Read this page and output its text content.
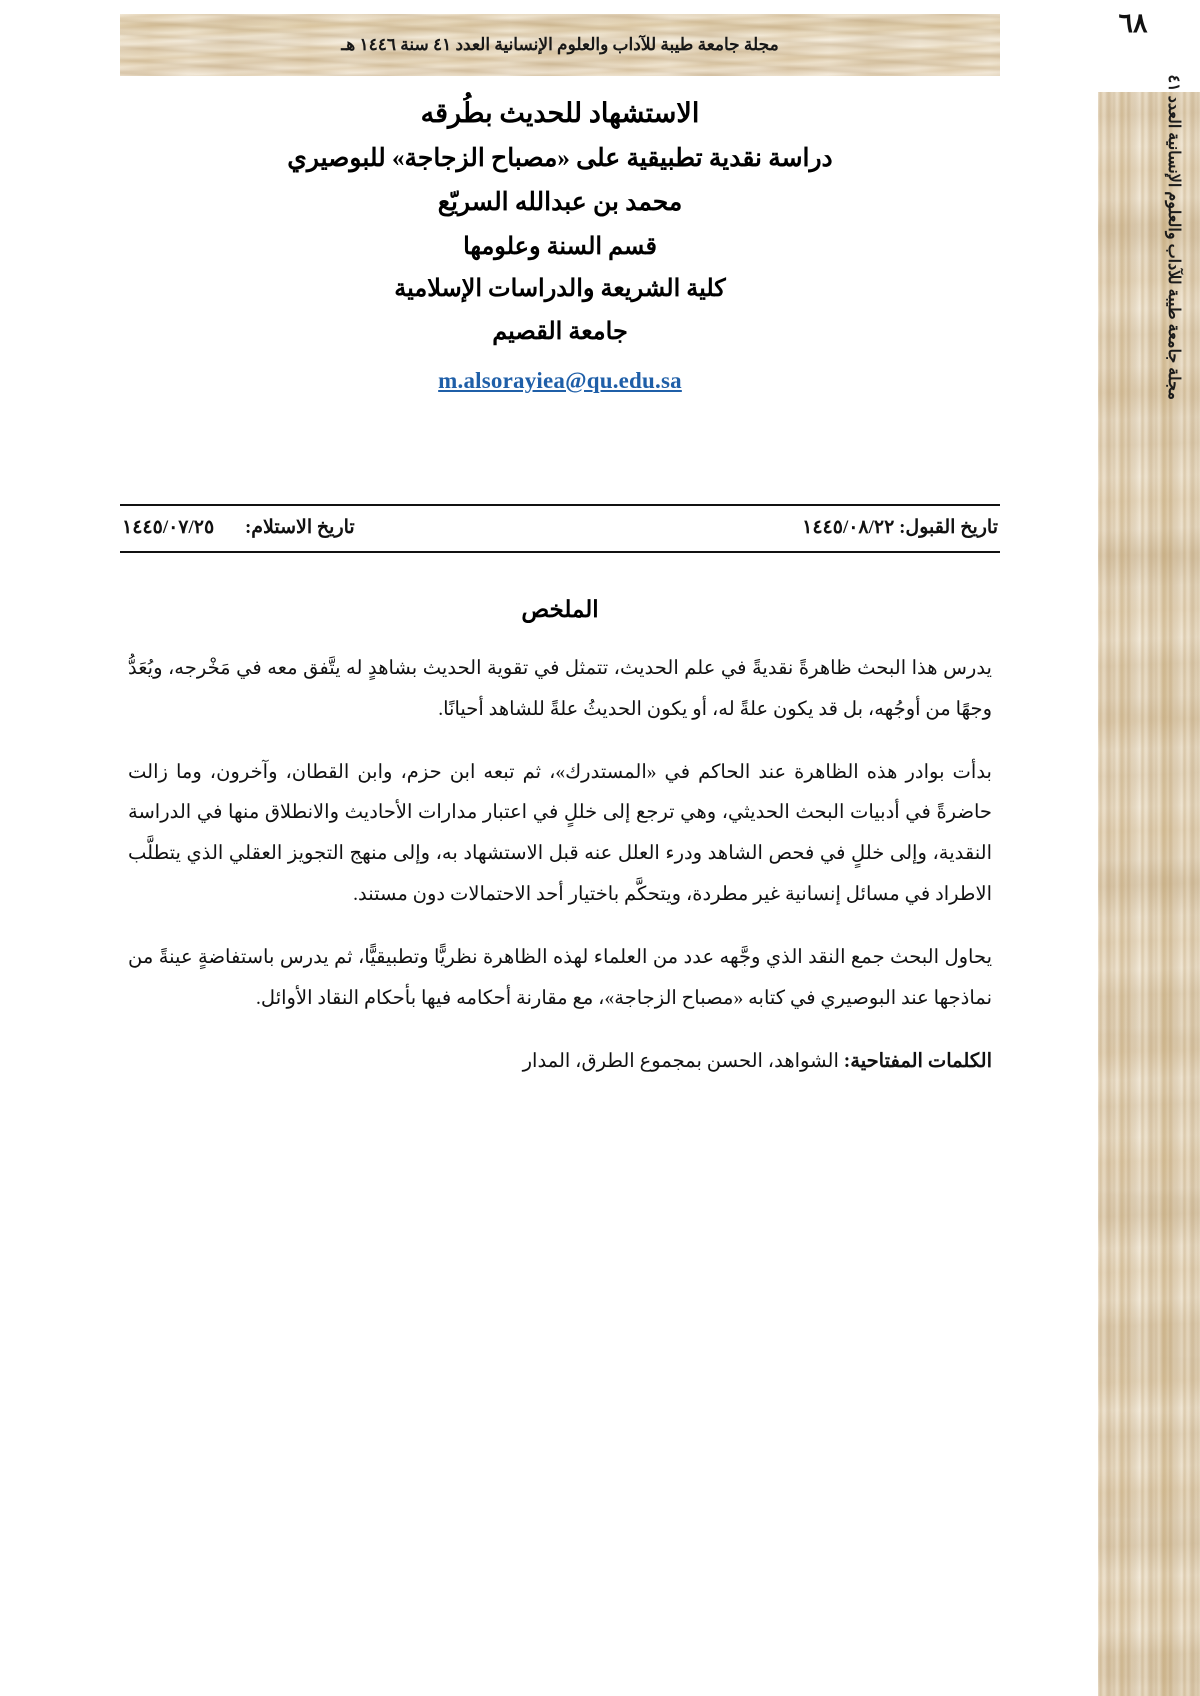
٦٨
مجلة جامعة طيبة للآداب والعلوم الإنسانية العدد ٤١
مجلة جامعة طيبة للآداب والعلوم الإنسانية العدد ٤١ سنة ١٤٤٦ هـ
الاستشهاد للحديث بطُرقه
دراسة نقدية تطبيقية على «مصباح الزجاجة» للبوصيري
محمد بن عبدالله السريّع
قسم السنة وعلومها
كلية الشريعة والدراسات الإسلامية
جامعة القصيم
m.alsorayiea@qu.edu.sa
تاريخ الاستلام: ١٤٤٥/٠٧/٢٥	تاريخ القبول: ١٤٤٥/٠٨/٢٢
الملخص

يدرس هذا البحث ظاهرةً نقديةً في علم الحديث، تتمثل في تقوية الحديث بشاهدٍ له يتَّفق معه في مَخْرجه، ويُعَدُّ وجهًا من أوجُهه، بل قد يكون علةً له، أو يكون الحديثُ علةً للشاهد أحيانًا.

بدأت بوادر هذه الظاهرة عند الحاكم في «المستدرك»، ثم تبعه ابن حزم، وابن القطان، وآخرون، وما زالت حاضرةً في أدبيات البحث الحديثي، وهي ترجع إلى خللٍ في اعتبار مدارات الأحاديث والانطلاق منها في الدراسة النقدية، وإلى خللٍ في فحص الشاهد ودرء العلل عنه قبل الاستشهاد به، وإلى منهج التجويز العقلي الذي يتطلَّب الاطراد في مسائل إنسانية غير مطردة، ويتحكَّم باختيار أحد الاحتمالات دون مستند.

يحاول البحث جمع النقد الذي وجَّهه عدد من العلماء لهذه الظاهرة نظريًّا وتطبيقيًّا، ثم يدرس باستفاضةٍ عينةً من نماذجها عند البوصيري في كتابه «مصباح الزجاجة»، مع مقارنة أحكامه فيها بأحكام النقاد الأوائل.

الكلمات المفتاحية: الشواهد، الحسن بمجموع الطرق، المدار
